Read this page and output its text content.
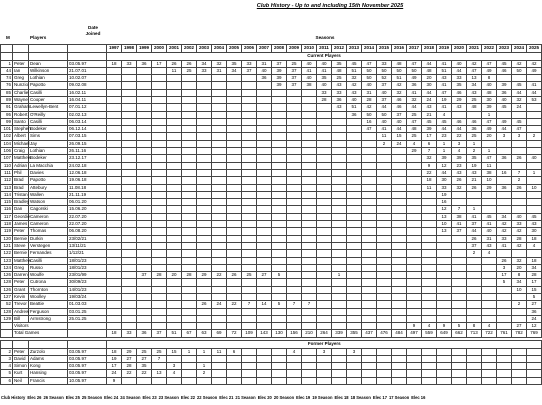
Club History - Up to and including 15th November 2025
Date
Joined
M	Players	Seasons
				1997	1998	1999	2000	2001	2002	2003	2004	2005	2006	2007	2008	2009	2010	2011	2012	2013	2014	2015	2016	2017	2018	2019	2020	2021	2022	2023	2024	2025
				Current Players																												
1	Peter	Dean	03.05.97	18	33	36	17	26	26	34	32	35	33	31	37	25	40	40	35	45	47	33	48	47	44	41	40	42	47	45	42	42
44	Ian	Wilkinson	21.07.01					11	25	33	31	34	37	40	39	37	41	41	48	51	50	50	50	50	48	51	44	47	49	46	50	49
74	Greg	Lothian	10.02.07											36	39	37	40	35	25	32	50	52	51	49	20	43	33	13	8			
76	Nunzio	Papotto	09.02.08												39	37	38	40	43	42	40	37	42	36	30	41	35	34	40	39	45	41
85	Charlie	Casilli	16.02.11															33	33	43	31	40	32	41	44	47	46	43	48	36	44	44
89	Wayne	Cooper	16.04.11															28	36	40	28	37	46	32	24	19	29	25	30	40	32	53
91	Graham	Lewellyn-Bent	07.01.12																43	51	42	44	46	44	43	41	43	48	39	45	24	
95	Robert	O'Reilly	02.02.13																	36	50	50	37	25	21	4			1			
99	Santo	Casilli	06.03.14																		16	40	40	47	45	45	46	46	47	49	45	
101	Stephen	Bodeker	06.12.14																		47	41	44	48	39	44	44	36	49	44	47	
102	Albert	Sims	07.03.15																			11	15	25	17	23	22	25	20	3	3	2
104	Michael	Jay	26.09.15																			2	24	4	6	1	3	1				
106	Craig	Lothian	26.11.16																					29	7	1	4	2	1			
107	Matthew	Bodeker	23.12.17																						32	39	39	35	47	36	26	40
110	Adrian	La Macchia	24.02.18																						9	12	23	19	11			
111	Phil	Davies	12.06.18																						22	44	43	43	38	16	7	1
112	Brad	Papotto	19.06.18																						18	30	26	21	10		2	
113	Brad	Attebury	11.08.18																						11	33	32	26	29	36	26	10
114	Tristan	Wallen	21.11.19																							19						
115	Bradley	Watson	06.01.20																							16						
116	Dan	Cagorski	15.06.20																							12	7	1				
117	Geordie	Cameron	22.07.20																							13	38	41	45	34	40	45
118	James	Cameron	22.07.20																							10	41	37	41	42	33	43
119	Peter	Thomas	06.08.20																							13	37	44	40	42	42	30
120	Bernie	Durkin	23/02/21																									26	31	33	28	18
121	Steve	Verstegen	13/11/21																									37	43	41	42	4
122	Bernie	Fernandes	1/12/21																									2	4			
123	Matthew	Casilli	18/01/23																											26	32	18
124	Greg	Russo	18/01/23																											3	20	34
126	Darren	Woulfe	23/01/99			37	28	20	28	29	22	26	25	27	5				1											17	8	28
128	Peter	Cutrona	30/09/23																											5	34	17
126	Grant	Thornton	14/01/23																												10	15
127	Kevin	Woolley	19/03/24																													5
52	Trevor	Beattie	01.03.03							26	24	22	7	14	5	7	7														2	27
128	Andrew	Ferguson	03.01.25																													36
129	Bill	Armstrong	25.01.25																													24
	Visitors																							9	4	9	5	8	4		27	12
	Total Games			18	33	36	37	51	67	63	69	72	109	143	130	156	210	264	339	355	437	476	484	497	559	649	662	713	722	761	782	769
				Former Players																												
2	Peter	Zurzolo	03.05.97	18	29	25	25	15	1	1	11	6				4		3		3												
3	David	Adams	03.05.97	19	27	27	7																									
4	Simon	Kong	03.05.97	17	28	35		3		1																						
5	Kurt	Hansing	03.05.97	24	22	22	13	4		2																						
6	Neil	Francis	10.05.97	9																												
Club History Elec 26 26 Season Elec 25 25 Season Elec 24 24 Season Elec 23 23 Season Elec 22 22 Season Elec 21 21 Season Elec 20 20 Season Elec 19 19 Season Elec 18 18 Season Elec 17 17 Season Elec 16
